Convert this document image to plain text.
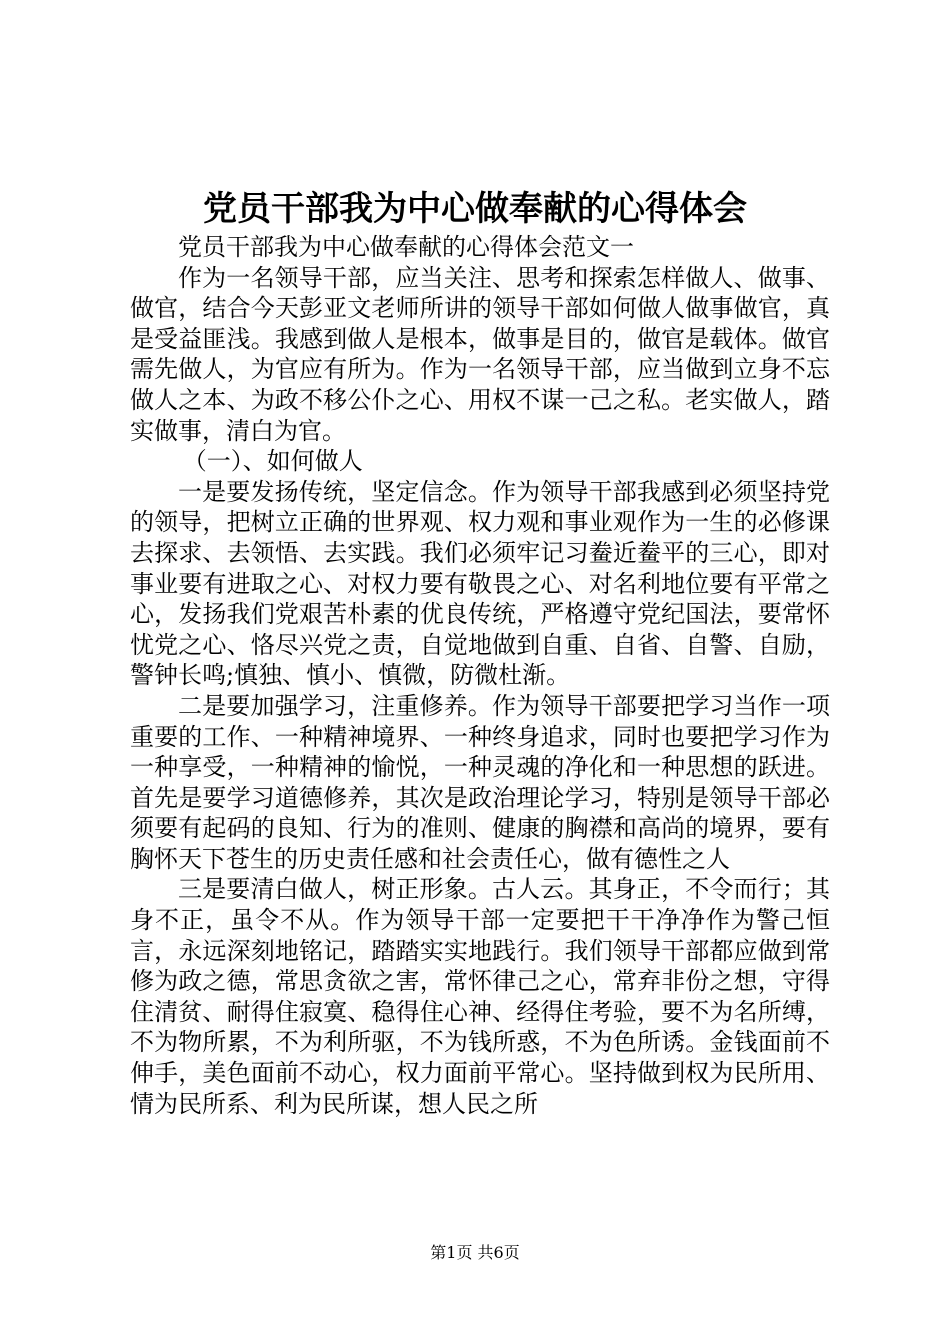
党员干部我为中心做奉献的心得体会

党员干部我为中心做奉献的心得体会范文一

作为一名领导干部，应当关注、思考和探索怎样做人、做事、做官，结合今天彭亚文老师所讲的领导干部如何做人做事做官，真是受益匪浅。我感到做人是根本，做事是目的，做官是载体。做官需先做人，为官应有所为。作为一名领导干部，应当做到立身不忘做人之本、为政不移公仆之心、用权不谋一己之私。老实做人，踏实做事，清白为官。

（一）、如何做人

一是要发扬传统，坚定信念。作为领导干部我感到必须坚持党的领导，把树立正确的世界观、权力观和事业观作为一生的必修课去探求、去领悟、去实践。我们必须牢记习鲞近鲞平的三心，即对事业要有进取之心、对权力要有敬畏之心、对名利地位要有平常之心，发扬我们党艰苦朴素的优良传统，严格遵守党纪国法，要常怀忧党之心、恪尽兴党之责，自觉地做到自重、自省、自警、自励，警钟长鸣;慎独、慎小、慎微，防微杜渐。

二是要加强学习，注重修养。作为领导干部要把学习当作一项重要的工作、一种精神境界、一种终身追求，同时也要把学习作为一种享受，一种精神的愉悦，一种灵魂的净化和一种思想的跃进。首先是要学习道德修养，其次是政治理论学习，特别是领导干部必须要有起码的良知、行为的准则、健康的胸襟和高尚的境界，要有胸怀天下苍生的历史责任感和社会责任心，做有德性之人

三是要清白做人，树正形象。古人云。其身正，不令而行；其身不正，虽令不从。作为领导干部一定要把干干净净作为警己恒言，永远深刻地铭记，踏踏实实地践行。我们领导干部都应做到常修为政之德，常思贪欲之害，常怀律己之心，常弃非份之想，守得住清贫、耐得住寂寞、稳得住心神、经得住考验，要不为名所缚，不为物所累，不为利所驱，不为钱所惑，不为色所诱。金钱面前不伸手，美色面前不动心，权力面前平常心。坚持做到权为民所用、情为民所系、利为民所谋，想人民之所

第1页 共6页
